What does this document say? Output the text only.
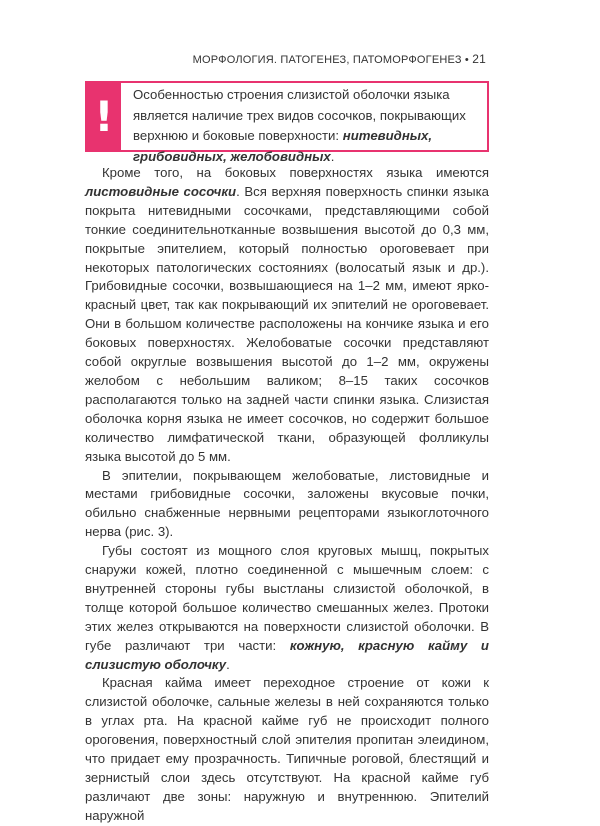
МОРФОЛОГИЯ. ПАТОГЕНЕЗ, ПАТОМОРФОГЕНЕЗ • 21
! Особенностью строения слизистой оболочки языка является наличие трех видов сосочков, покрывающих верхнюю и боковые поверхности: нитевидных, грибовидных, желобовидных.

Кроме того, на боковых поверхностях языка имеются листовидные сосочки. Вся верхняя поверхность спинки языка покрыта нитевидными сосочками, представляющими собой тонкие соединительнотканные возвышения высотой до 0,3 мм, покрытые эпителием, который полностью ороговевает при некоторых патологических состояниях (волосатый язык и др.). Грибовидные сосочки, возвышающиеся на 1–2 мм, имеют ярко-красный цвет, так как покрывающий их эпителий не ороговевает. Они в большом количестве расположены на кончике языка и его боковых поверхностях. Желобоватые сосочки представляют собой округлые возвышения высотой до 1–2 мм, окружены желобом с небольшим валиком; 8–15 таких сосочков располагаются только на задней части спинки языка. Слизистая оболочка корня языка не имеет сосочков, но содержит большое количество лимфатической ткани, образующей фолликулы языка высотой до 5 мм.

В эпителии, покрывающем желобоватые, листовидные и местами грибовидные сосочки, заложены вкусовые почки, обильно снабженные нервными рецепторами языкоглоточного нерва (рис. 3).

Губы состоят из мощного слоя круговых мышц, покрытых снаружи кожей, плотно соединенной с мышечным слоем: с внутренней стороны губы выстланы слизистой оболочкой, в толще которой большое количество смешанных желез. Протоки этих желез открываются на поверхности слизистой оболочки. В губе различают три части: кожную, красную кайму и слизистую оболочку.

Красная кайма имеет переходное строение от кожи к слизистой оболочке, сальные железы в ней сохраняются только в углах рта. На красной кайме губ не происходит полного ороговения, поверхностный слой эпителия пропитан элеидином, что придает ему прозрачность. Типичные роговой, блестящий и зернистый слои здесь отсутствуют. На красной кайме губ различают две зоны: наружную и внутреннюю. Эпителий наружной
